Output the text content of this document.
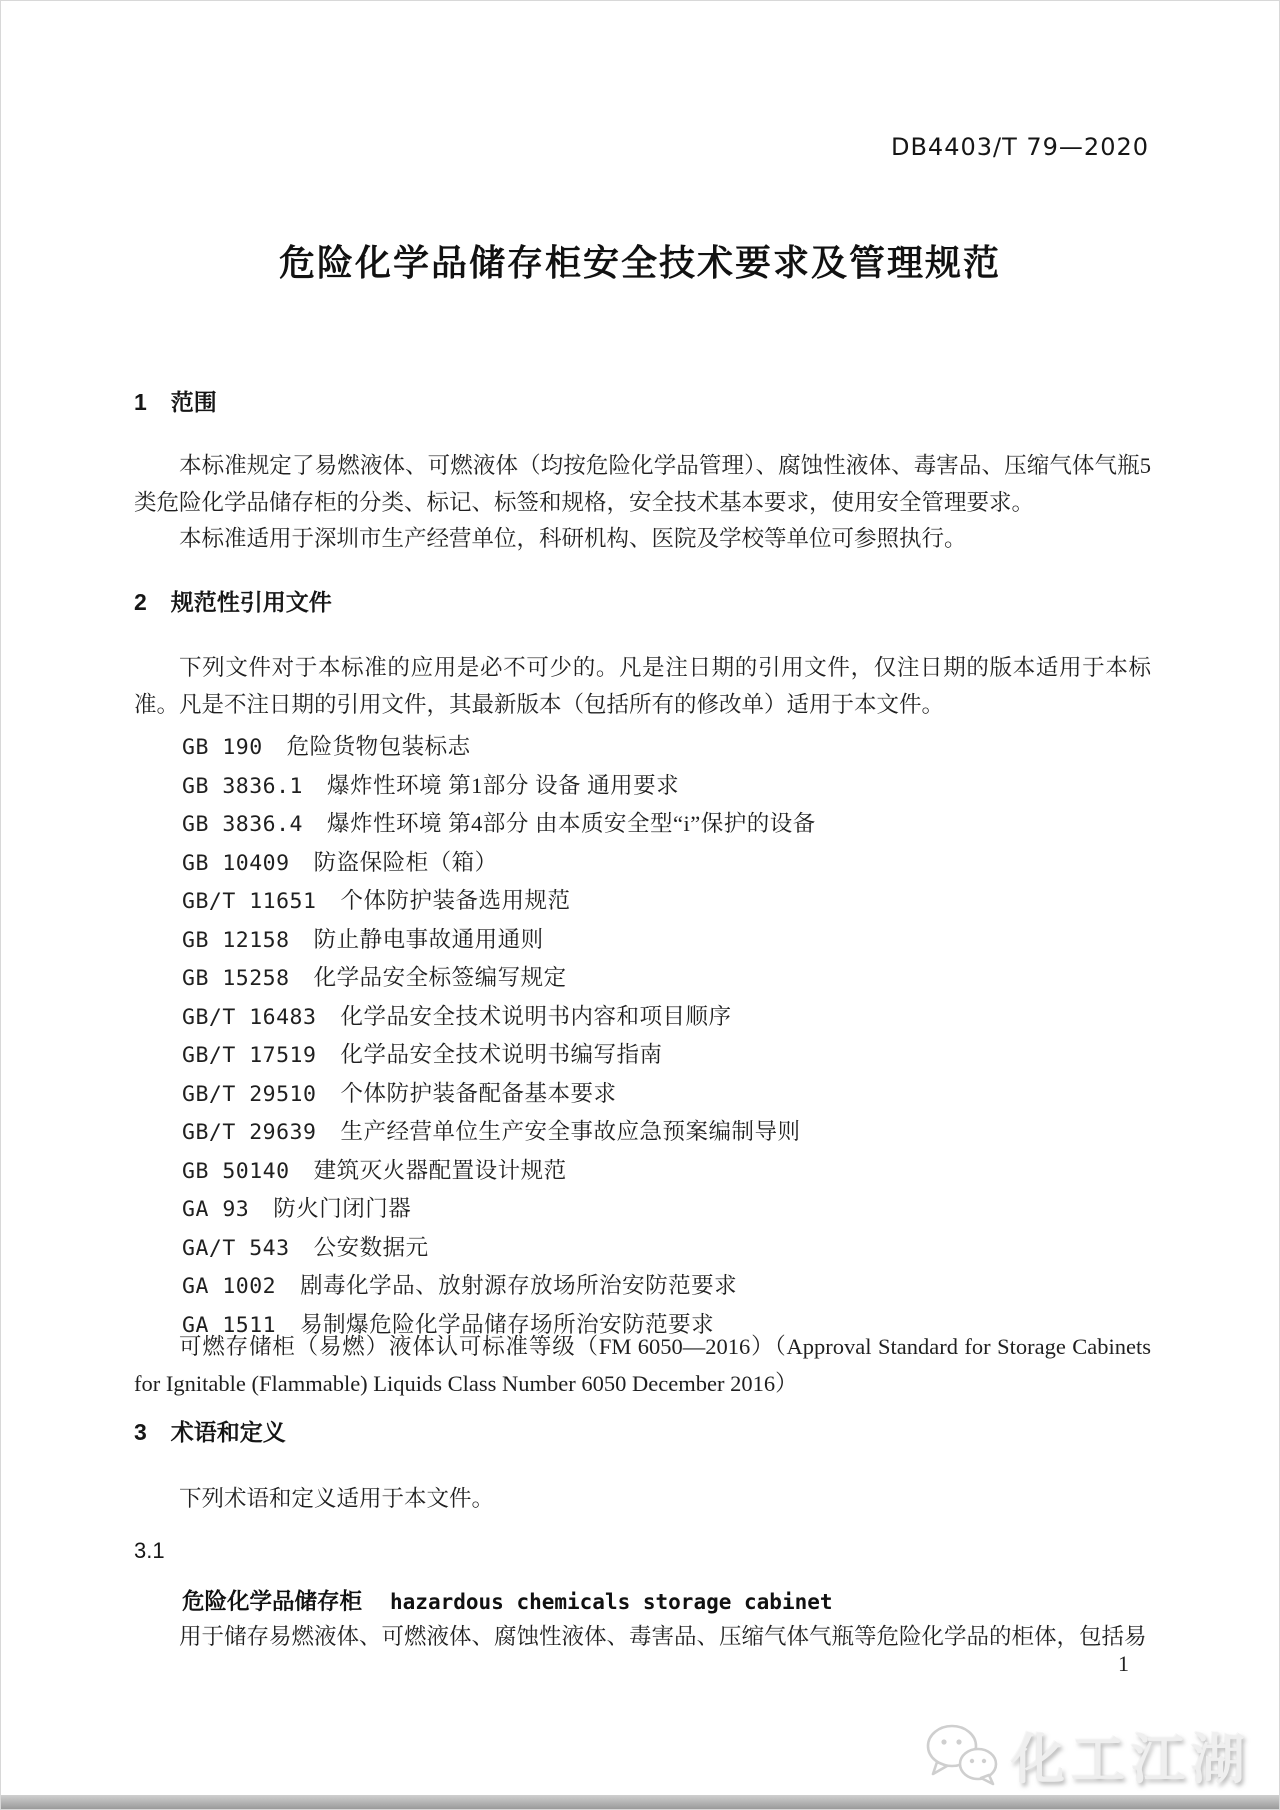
DB4403/T 79—2020
危险化学品储存柜安全技术要求及管理规范
1 范围

本标准规定了易燃液体、可燃液体（均按危险化学品管理）、腐蚀性液体、毒害品、压缩气体气瓶5类危险化学品储存柜的分类、标记、标签和规格，安全技术基本要求，使用安全管理要求。

本标准适用于深圳市生产经营单位，科研机构、医院及学校等单位可参照执行。

2 规范性引用文件

下列文件对于本标准的应用是必不可少的。凡是注日期的引用文件，仅注日期的版本适用于本标准。凡是不注日期的引用文件，其最新版本（包括所有的修改单）适用于本文件。

GB 190 危险货物包装标志
GB 3836.1 爆炸性环境 第1部分 设备 通用要求
GB 3836.4 爆炸性环境 第4部分 由本质安全型“i”保护的设备
GB 10409 防盗保险柜（箱）
GB/T 11651 个体防护装备选用规范
GB 12158 防止静电事故通用通则
GB 15258 化学品安全标签编写规定
GB/T 16483 化学品安全技术说明书内容和项目顺序
GB/T 17519 化学品安全技术说明书编写指南
GB/T 29510 个体防护装备配备基本要求
GB/T 29639 生产经营单位生产安全事故应急预案编制导则
GB 50140 建筑灭火器配置设计规范
GA 93 防火门闭门器
GA/T 543 公安数据元
GA 1002 剧毒化学品、放射源存放场所治安防范要求
GA 1511 易制爆危险化学品储存场所治安防范要求

可燃存储柜（易燃）液体认可标准等级（FM 6050—2016）（Approval Standard for Storage Cabinets for Ignitable (Flammable) Liquids Class Number 6050 December 2016）

3 术语和定义

下列术语和定义适用于本文件。

3.1
危险化学品储存柜 hazardous chemicals storage cabinet

用于储存易燃液体、可燃液体、腐蚀性液体、毒害品、压缩气体气瓶等危险化学品的柜体，包括易

1
化工江湖
